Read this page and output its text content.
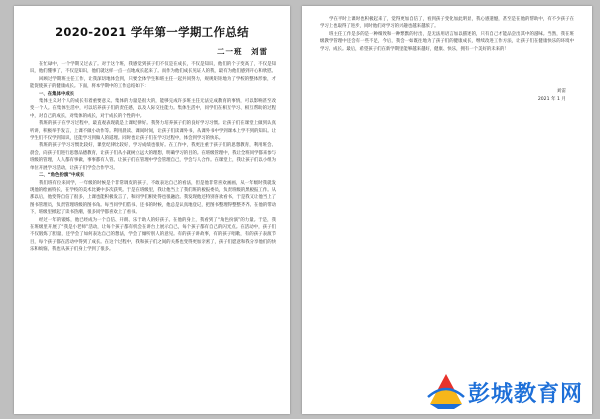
2020-2021 学年第一学期工作总结
二一班　刘雷

在忙碌中，一个学期又过去了。对于这个班，我感觉到孩子们不仅是在成长，不仅是知识，他们的个子变高了，不仅是知识，他们懂事了，不仅是知识，他们就这样一点一点地成长起来了。而作为他们成长见证人的我，最有为他们感到开心和欣慰。

回顾过学期班主任工作，让我深切地体会到，只要全体学生和班主任一起共同努力，规规矩矩地为了学校的整体形象，才能促使孩子的健康成长。下面，将本学期中的工作总结如下：

一、在集体中成长

集体主义对个人的成长有着重要意义。集体的力量是很大的，能够完成许多班主任无法完成教育的事情，可以影响甚至改变一个人。在集体生活中，可以培养孩子们的责任感，以及人际交往能力。集体生活中，同学们在相互学习、相互帮助的过程中，对自己的成长，对集体的成长，对于成长的个性的中。

我班的孩子在学习过程中，最直观表现就是上课纪律好。我努力培养孩子们的良好学习习惯。让孩子们在课堂上做到认真听讲，积极举手发言，上课不做小动作等。利用晨读、课间时间，让孩子们读课外书，从课外书中学到课本上学不到的知识。让学生们不仅学到知识，还能学习到做人的道理。同时也让孩子们在学习过程中，体会到学习的快乐。

我班的孩子学习习惯比较好，课堂纪律比较好，学习成绩也很好。在工作中，我更注重于孩子们的思想教育，利用班会、晨会，向孩子们进行思想品德教育，让孩子们从小就树立远大的理想，明确学习的目的。在班级管理中，我让全班同学都来参与班级的管理，人人都有事做，事事都有人管。让孩子们在管理中学会管理自己，学会与人合作。在课堂上，我让孩子们以小组为单位开展学习活动，让孩子们学会合作学习。

二、“角色扮演”中成长

我们班有位来同学，一年级的时候是个非常调皮的孩子，不敢表达自己的看法，但是他非常喜欢画画，从一年级时我就发现他的绘画特长，在学校的美术比赛中多次获奖。于是在班级里，我让他当上了我们班的板报委员，负责班级的黑板报工作。从那以后，他变得自信了很多，上课也能积极发言了，和同学们相处得也很融洽。我发现他还特别喜欢看书，于是我又让他当上了图书管理员，负责管理班级的图书角。每当同学们借书、还书的时候，他总是认真地登记，把图书整理得整整齐齐。在他的带动下，班级里掀起了读书热潮，很多同学都喜欢上了看书。

经过一年的锻炼，他已经成为一个自信、开朗、乐于助人的好孩子。在他的身上，我看到了“角色扮演”的力量。于是，我在班级里开展了“我是小老师”活动，让每个孩子都有机会在讲台上展示自己，每个孩子都有自己的闪光点。在活动中，孩子们不仅锻炼了胆量，还学会了如何表达自己的想法，学会了倾听别人的意见。有的孩子讲故事，有的孩子唱歌，有的孩子表演节目，每个孩子都在活动中得到了成长。在这个过程中，我和孩子们之间的关系也变得更加亲密了，孩子们愿意和我分享他们的快乐和烦恼，我也从孩子们身上学到了很多。

学在平时上课时也积极起来了，觉得更加自信了，看到孩子变化加此明显，我心感遗憾，甚至是在他的帮助中，有不少孩子在学习上也取得了进步，同时他们对学习的兴趣也越来越浓了。

班主任工作是多的是一种细致和一种繁默的付出，是无法用语言加以描述的，只有自己才能品尝出其中的滋味。当然，我在班级教学管理中还会有一些不足，今后，我会一如既往地为了孩子们的健康成长，继续改进工作方法，让孩子们在健康快乐的环境中学习、成长。最后，希望孩子们在新学期里能够越来越好，健康、快乐，拥有一个美好的未来的！

刘雷
2021 年 1 月
彭城教育网
